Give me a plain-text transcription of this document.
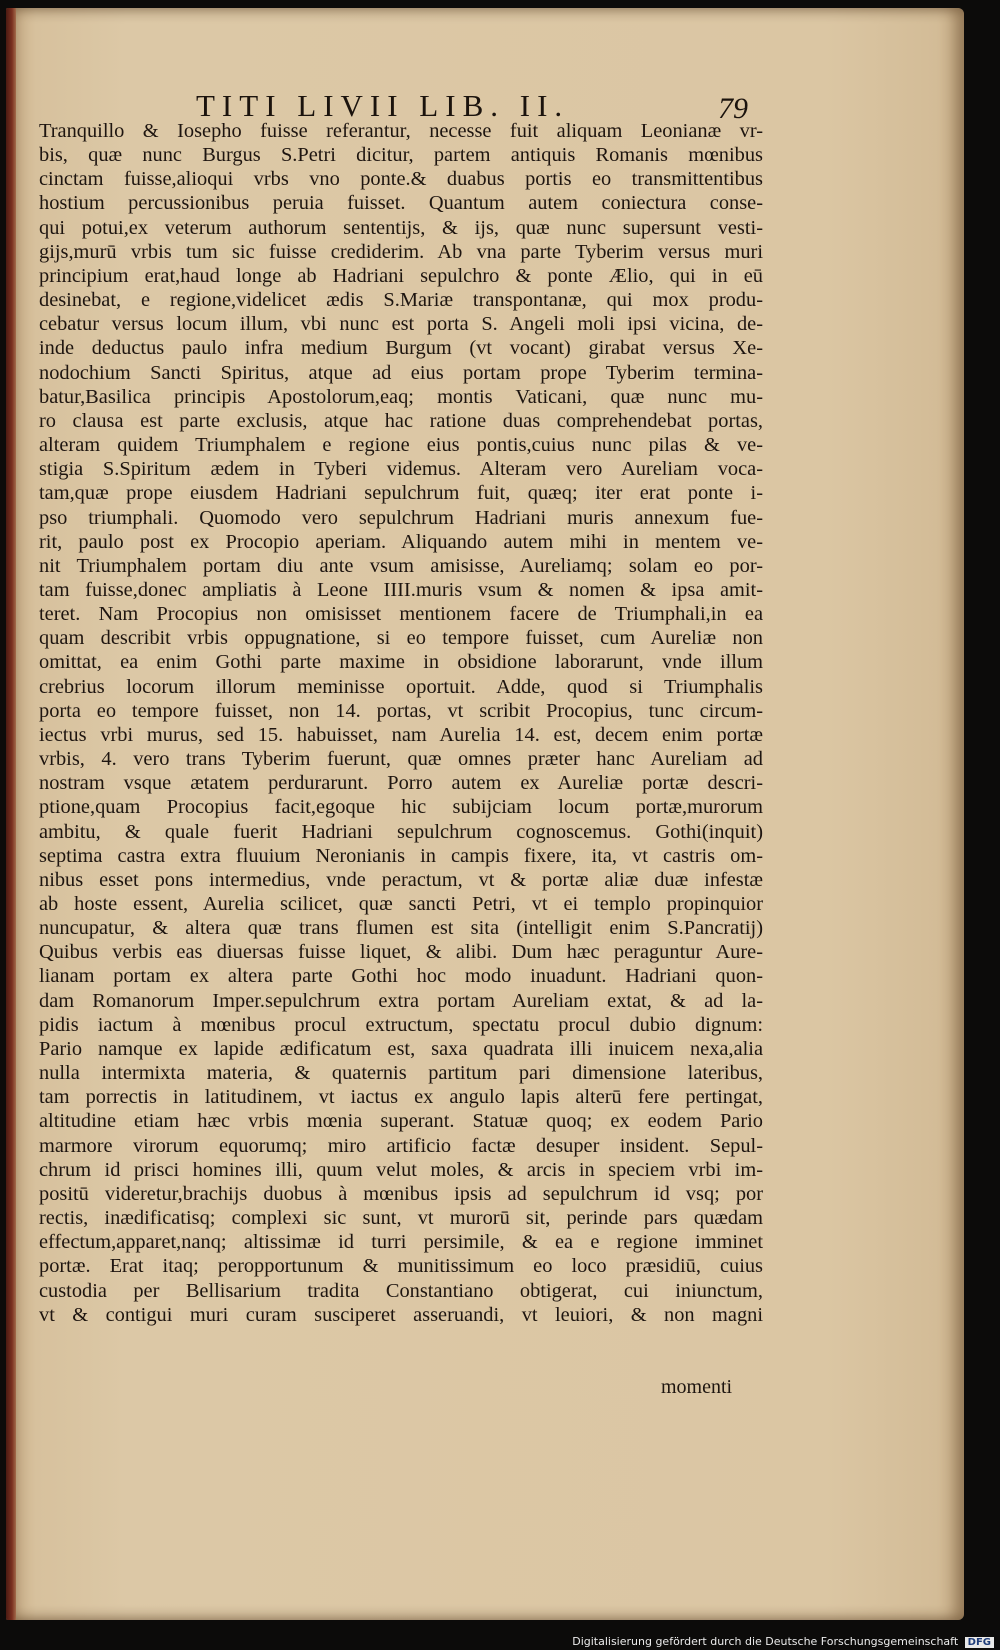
TITI LIVII LIB. II.	79
Tranquillo & Iosepho fuisse referantur, necesse fuit aliquam Leonianæ vr-
bis, quæ nunc Burgus S.Petri dicitur, partem antiquis Romanis mœnibus
cinctam fuisse,alioqui vrbs vno ponte.& duabus portis eo transmittentibus
hostium percussionibus peruia fuisset. Quantum autem coniectura conse-
qui potui,ex veterum authorum sententijs, & ijs, quæ nunc supersunt vesti-
gijs,murū vrbis tum sic fuisse crediderim. Ab vna parte Tyberim versus muri
principium erat,haud longe ab Hadriani sepulchro & ponte Ælio, qui in eū
desinebat, e regione,videlicet ædis S.Mariæ transpontanæ, qui mox produ-
cebatur versus locum illum, vbi nunc est porta S. Angeli moli ipsi vicina, de-
inde deductus paulo infra medium Burgum (vt vocant) girabat versus Xe-
nodochium Sancti Spiritus, atque ad eius portam prope Tyberim termina-
batur,Basilica principis Apostolorum,eaq; montis Vaticani, quæ nunc mu-
ro clausa est parte exclusis, atque hac ratione duas comprehendebat portas,
alteram quidem Triumphalem e regione eius pontis,cuius nunc pilas & ve-
stigia S.Spiritum ædem in Tyberi videmus. Alteram vero Aureliam voca-
tam,quæ prope eiusdem Hadriani sepulchrum fuit, quæq; iter erat ponte i-
pso triumphali. Quomodo vero sepulchrum Hadriani muris annexum fue-
rit, paulo post ex Procopio aperiam. Aliquando autem mihi in mentem ve-
nit Triumphalem portam diu ante vsum amisisse, Aureliamq; solam eo por-
tam fuisse,donec ampliatis à Leone IIII.muris vsum & nomen & ipsa amit-
teret. Nam Procopius non omisisset mentionem facere de Triumphali,in ea
quam describit vrbis oppugnatione, si eo tempore fuisset, cum Aureliæ non
omittat, ea enim Gothi parte maxime in obsidione laborarunt, vnde illum
crebrius locorum illorum meminisse oportuit. Adde, quod si Triumphalis
porta eo tempore fuisset, non 14. portas, vt scribit Procopius, tunc circum-
iectus vrbi murus, sed 15. habuisset, nam Aurelia 14. est, decem enim portæ
vrbis, 4. vero trans Tyberim fuerunt, quæ omnes præter hanc Aureliam ad
nostram vsque ætatem perdurarunt. Porro autem ex Aureliæ portæ descri-
ptione,quam Procopius facit,egoque hic subijciam locum portæ,murorum
ambitu, & quale fuerit Hadriani sepulchrum cognoscemus. Gothi(inquit)
septima castra extra fluuium Neronianis in campis fixere, ita, vt castris om-
nibus esset pons intermedius, vnde peractum, vt & portæ aliæ duæ infestæ
ab hoste essent, Aurelia scilicet, quæ sancti Petri, vt ei templo propinquior
nuncupatur, & altera quæ trans flumen est sita (intelligit enim S.Pancratij)
Quibus verbis eas diuersas fuisse liquet, & alibi. Dum hæc peraguntur Aure-
lianam portam ex altera parte Gothi hoc modo inuadunt. Hadriani quon-
dam Romanorum Imper.sepulchrum extra portam Aureliam extat, & ad la-
pidis iactum à mœnibus procul extructum, spectatu procul dubio dignum:
Pario namque ex lapide ædificatum est, saxa quadrata illi inuicem nexa,alia
nulla intermixta materia, & quaternis partitum pari dimensione lateribus,
tam porrectis in latitudinem, vt iactus ex angulo lapis alterū fere pertingat,
altitudine etiam hæc vrbis mœnia superant. Statuæ quoq; ex eodem Pario
marmore virorum equorumq; miro artificio factæ desuper insident. Sepul-
chrum id prisci homines illi, quum velut moles, & arcis in speciem vrbi im-
positū videretur,brachijs duobus à mœnibus ipsis ad sepulchrum id vsq; por
rectis, inædificatisq; complexi sic sunt, vt murorū sit, perinde pars quædam
effectum,apparet,nanq; altissimæ id turri persimile, & ea e regione imminet
portæ. Erat itaq; peropportunum & munitissimum eo loco præsidiū, cuius
custodia per Bellisarium tradita Constantiano obtigerat, cui iniunctum,
vt & contigui muri curam susciperet asseruandi, vt leuiori, & non magni
momenti
Digitalisierung gefördert durch die Deutsche Forschungsgemeinschaft DFG
